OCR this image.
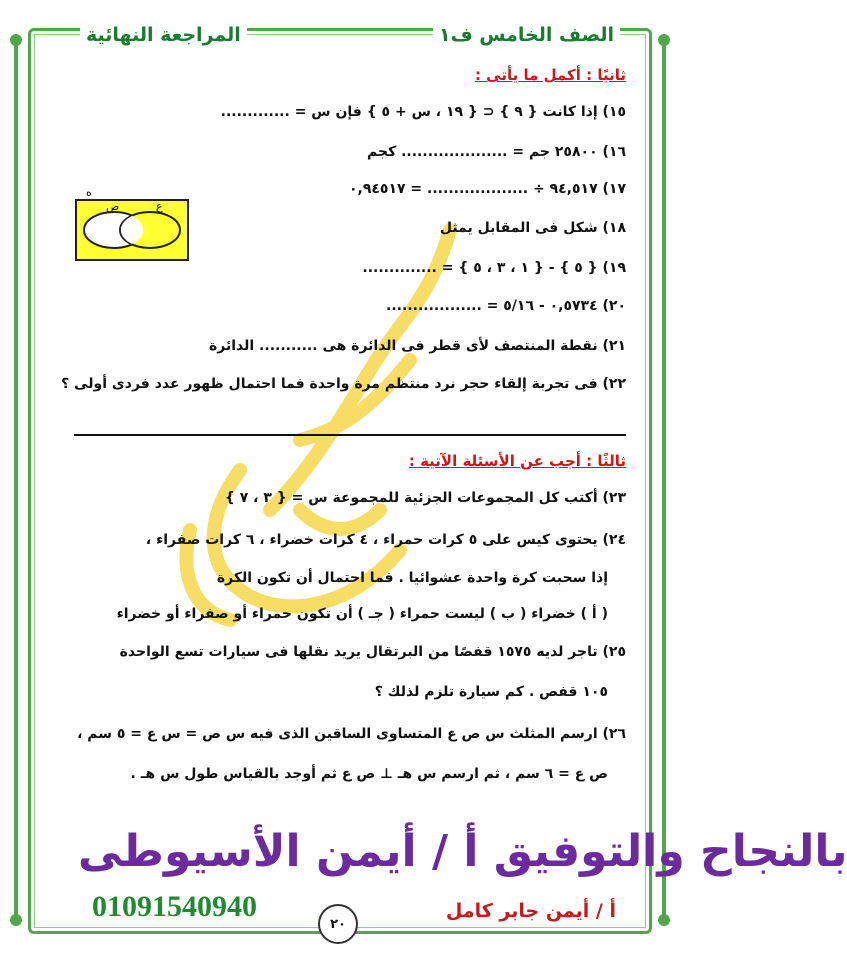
الصف الخامس ف١
المراجعة النهائية
ثانيًا : أكمل ما يأتى :
١٥) إذا كانت { ٩ } ⊂ { ١٩ ، س + ٥ } فإن س = .............
١٦) ٢٥٨٠٠ جم = .................... كجم
١٧) ٩٤,٥١٧ ÷ ................... = ٠,٩٤٥١٧
١٨) شكل فى المقابل يمثل
١٩) { ٥ } - { ١ ، ٣ ، ٥ } = ..............
٢٠) ٠,٥٧٣٤ - ٥/١٦ = ..................
٢١) نقطة المنتصف لأى قطر فى الدائرة هى ........... الدائرة
٢٢) فى تجربة إلقاء حجر نرد منتظم مرة واحدة فما احتمال ظهور عدد فردى أولى ؟
ه
ص	ع
ثالثًا : أجب عن الأسئلة الآتية :
٢٣) أكتب كل المجموعات الجزئية للمجموعة س = { ٣ ، ٧ }
٢٤) يحتوى كيس على ٥ كرات حمراء ، ٤ كرات خضراء ، ٦ كرات صفراء ،
إذا سحبت كرة واحدة عشوائيا . فما احتمال أن تكون الكرة
( أ ) خضراء ( ب ) ليست حمراء ( جـ ) أن تكون حمراء أو صفراء أو خضراء
٢٥) تاجر لديه ١٥٧٥ قفصًا من البرتقال يريد نقلها فى سيارات تسع الواحدة
١٠٥ قفص . كم سيارة تلزم لذلك ؟
٢٦) ارسم المثلث س ص ع المتساوى الساقين الذى فيه س ص = س ع = ٥ سم ،
ص ع = ٦ سم ، ثم ارسم س هـ ⊥ ص ع ثم أوجد بالقياس طول س هـ .
بالنجاح والتوفيق أ / أيمن الأسيوطى
01091540940
٢٠
أ / أيمن جابر كامل
